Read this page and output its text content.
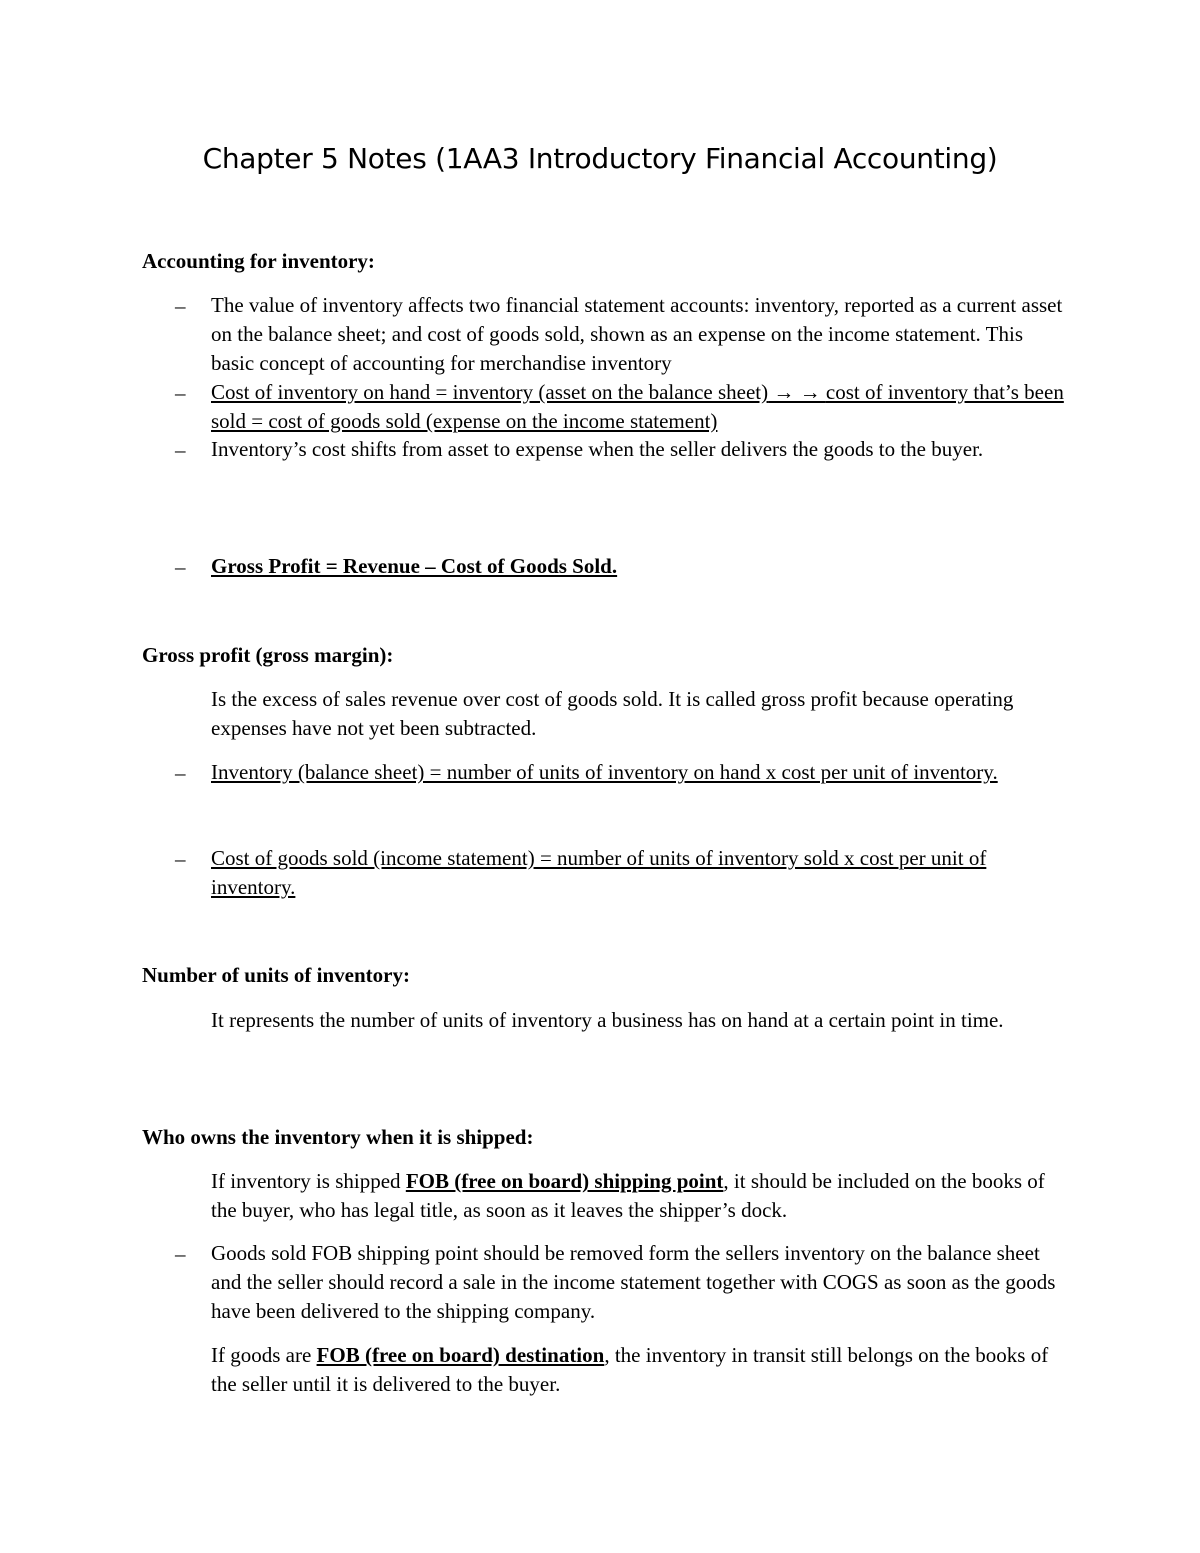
Chapter 5 Notes (1AA3 Introductory Financial Accounting)
Accounting for inventory:
– The value of inventory affects two financial statement accounts: inventory, reported as a current asset on the balance sheet; and cost of goods sold, shown as an expense on the income statement. This basic concept of accounting for merchandise inventory
– Cost of inventory on hand = inventory (asset on the balance sheet) → → cost of inventory that’s been sold = cost of goods sold (expense on the income statement)
– Inventory’s cost shifts from asset to expense when the seller delivers the goods to the buyer.
– Gross Profit = Revenue – Cost of Goods Sold.
Gross profit (gross margin):
Is the excess of sales revenue over cost of goods sold. It is called gross profit because operating expenses have not yet been subtracted.
– Inventory (balance sheet) = number of units of inventory on hand x cost per unit of inventory.
– Cost of goods sold (income statement) = number of units of inventory sold x cost per unit of inventory.
Number of units of inventory:
It represents the number of units of inventory a business has on hand at a certain point in time.
Who owns the inventory when it is shipped:
If inventory is shipped FOB (free on board) shipping point, it should be included on the books of the buyer, who has legal title, as soon as it leaves the shipper’s dock.
– Goods sold FOB shipping point should be removed form the sellers inventory on the balance sheet and the seller should record a sale in the income statement together with COGS as soon as the goods have been delivered to the shipping company.
If goods are FOB (free on board) destination, the inventory in transit still belongs on the books of the seller until it is delivered to the buyer.
